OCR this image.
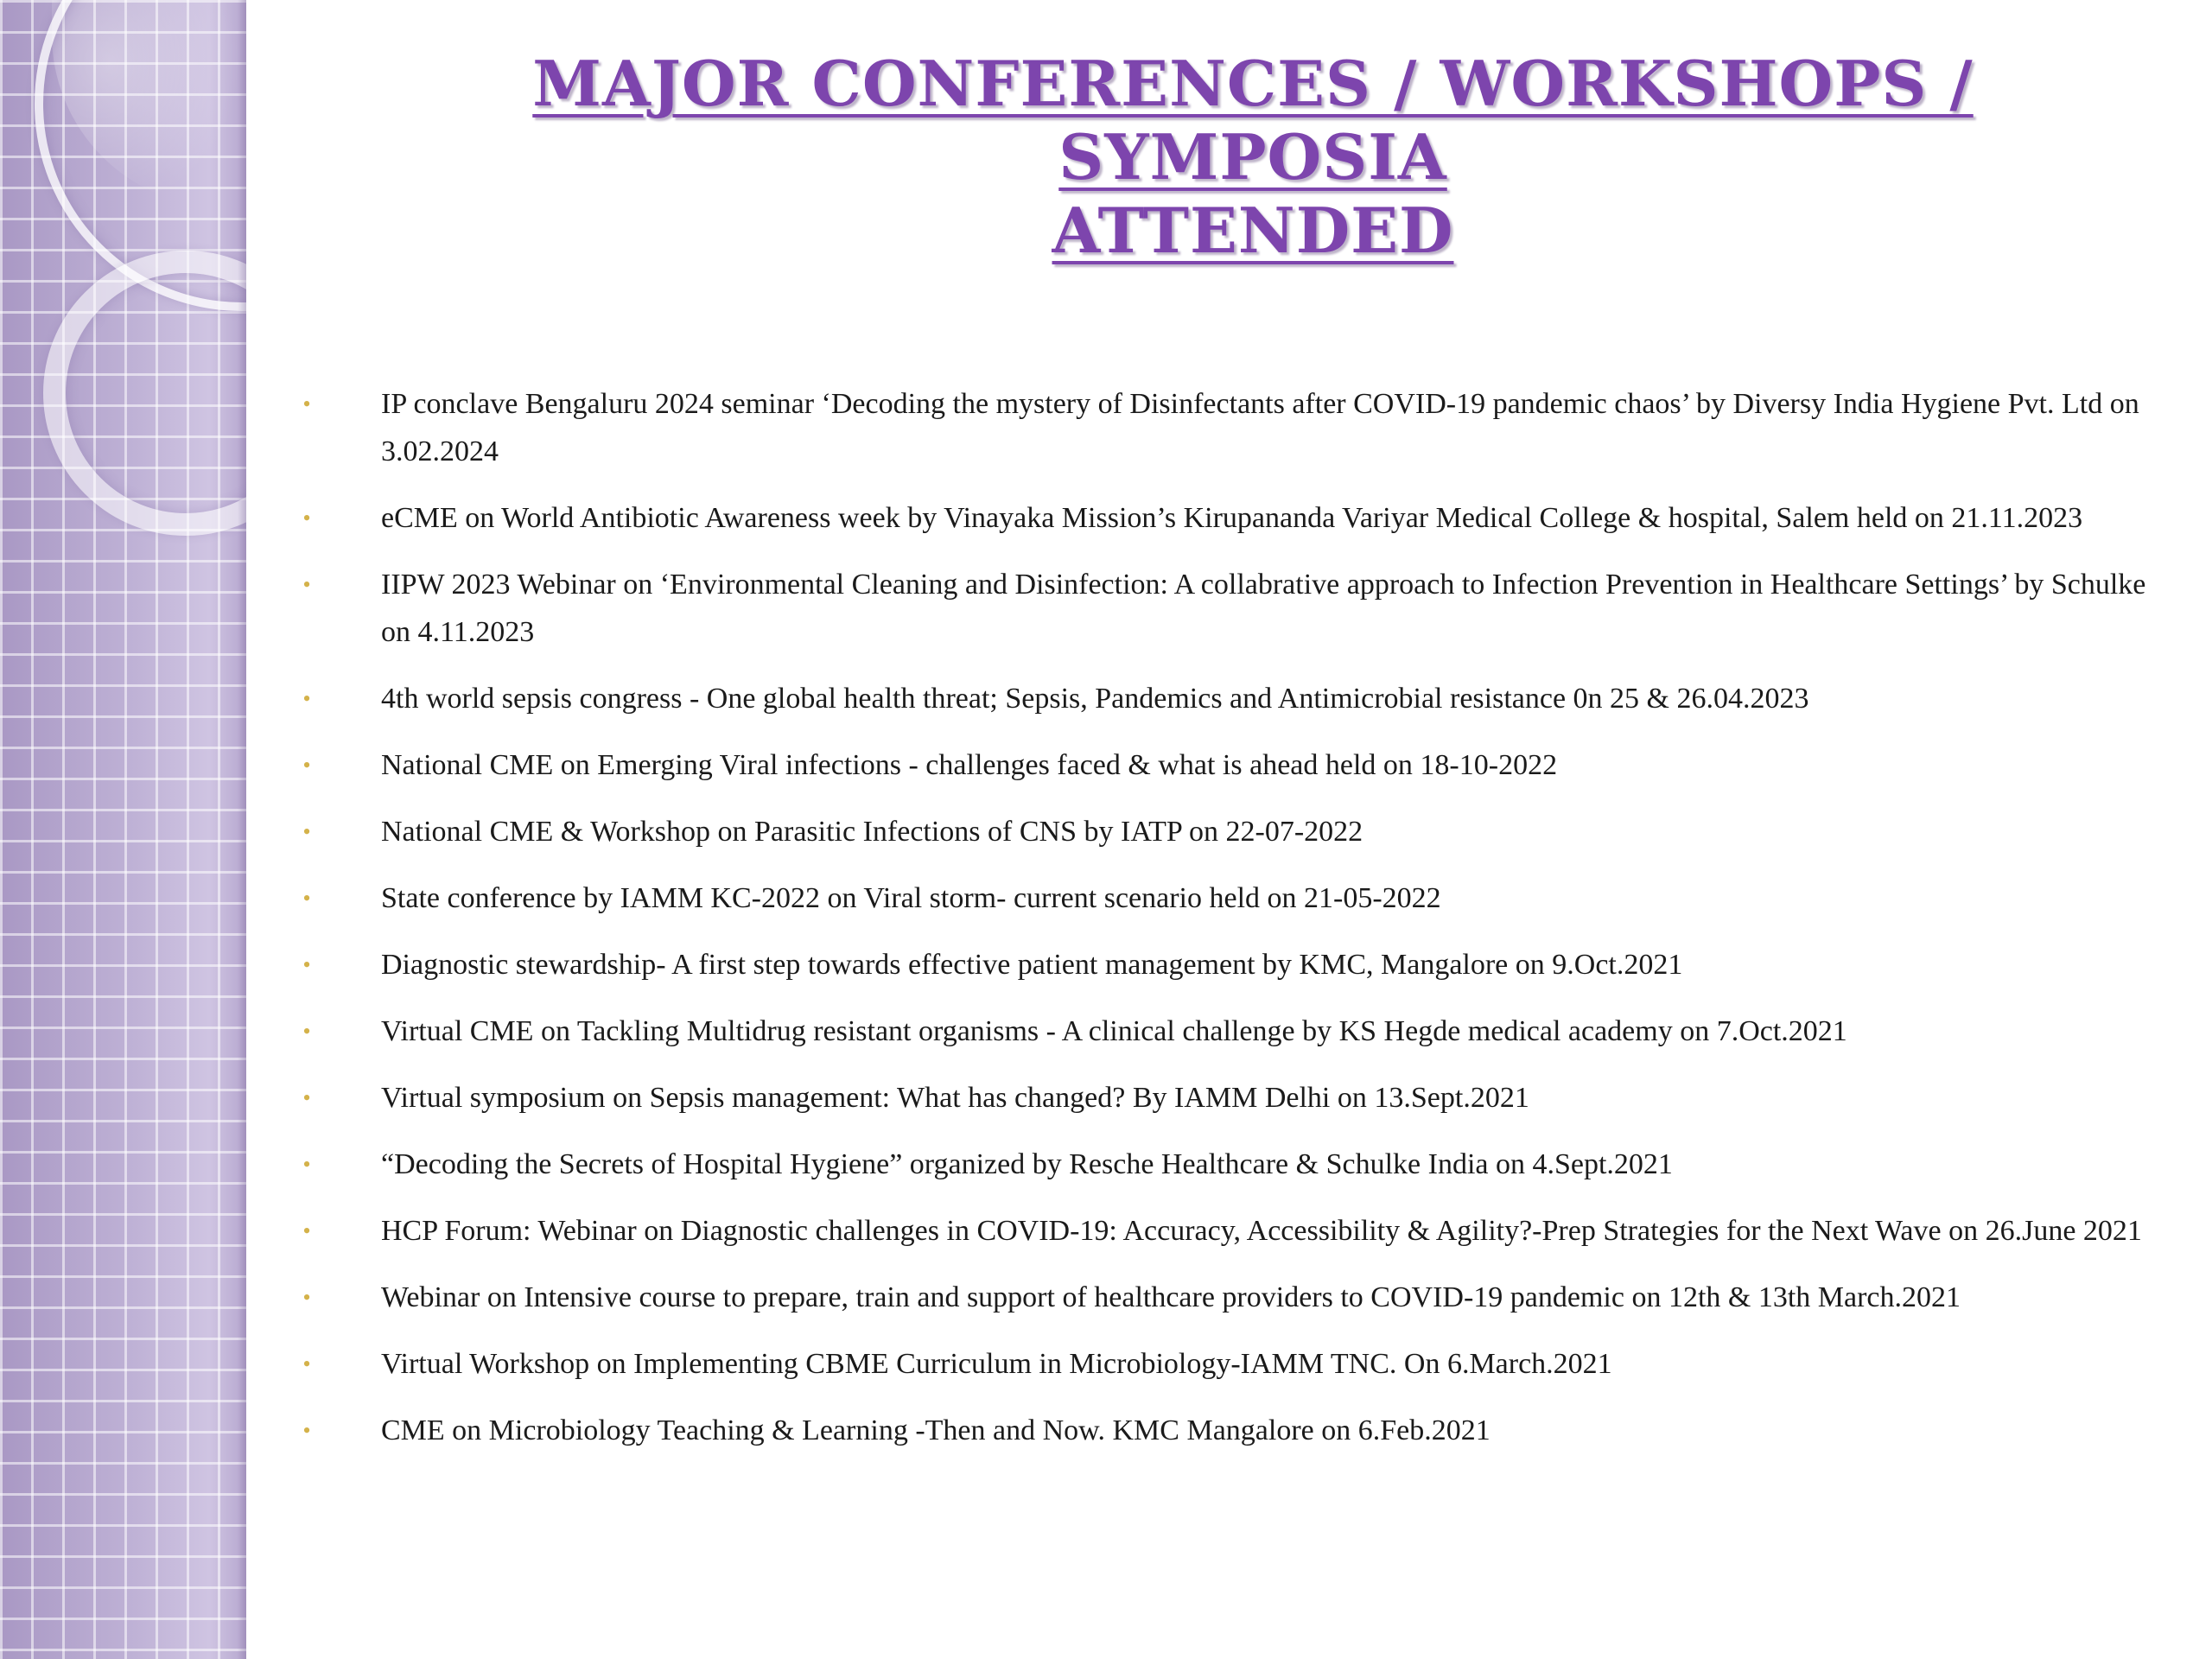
MAJOR CONFERENCES / WORKSHOPS / SYMPOSIA
ATTENDED
• IP conclave Bengaluru 2024 seminar ‘Decoding the mystery of Disinfectants after COVID-19 pandemic chaos’ by Diversy India Hygiene Pvt. Ltd on 3.02.2024
• eCME on World Antibiotic Awareness week by Vinayaka Mission’s Kirupananda Variyar Medical College & hospital, Salem held on 21.11.2023
• IIPW 2023 Webinar on ‘Environmental Cleaning and Disinfection: A collabrative approach to Infection Prevention in Healthcare Settings’ by Schulke on 4.11.2023
• 4th world sepsis congress - One global health threat; Sepsis, Pandemics and Antimicrobial resistance 0n 25 & 26.04.2023
• National CME on Emerging Viral infections - challenges faced & what is ahead held on 18-10-2022
• National CME & Workshop on Parasitic Infections of CNS by IATP on 22-07-2022
• State conference by IAMM KC-2022 on Viral storm- current scenario held on 21-05-2022
• Diagnostic stewardship- A first step towards effective patient management by KMC, Mangalore on 9.Oct.2021
• Virtual CME on Tackling Multidrug resistant organisms - A clinical challenge by KS Hegde medical academy on 7.Oct.2021
• Virtual symposium on Sepsis management: What has changed? By IAMM Delhi on 13.Sept.2021
• “Decoding the Secrets of Hospital Hygiene” organized by Resche Healthcare & Schulke India on 4.Sept.2021
• HCP Forum: Webinar on Diagnostic challenges in COVID-19: Accuracy, Accessibility & Agility?-Prep Strategies for the Next Wave on 26.June 2021
• Webinar on Intensive course to prepare, train and support of healthcare providers to COVID-19 pandemic on 12th & 13th March.2021
• Virtual Workshop on Implementing CBME Curriculum in Microbiology-IAMM TNC. On 6.March.2021
• CME on Microbiology Teaching & Learning -Then and Now. KMC Mangalore on 6.Feb.2021
